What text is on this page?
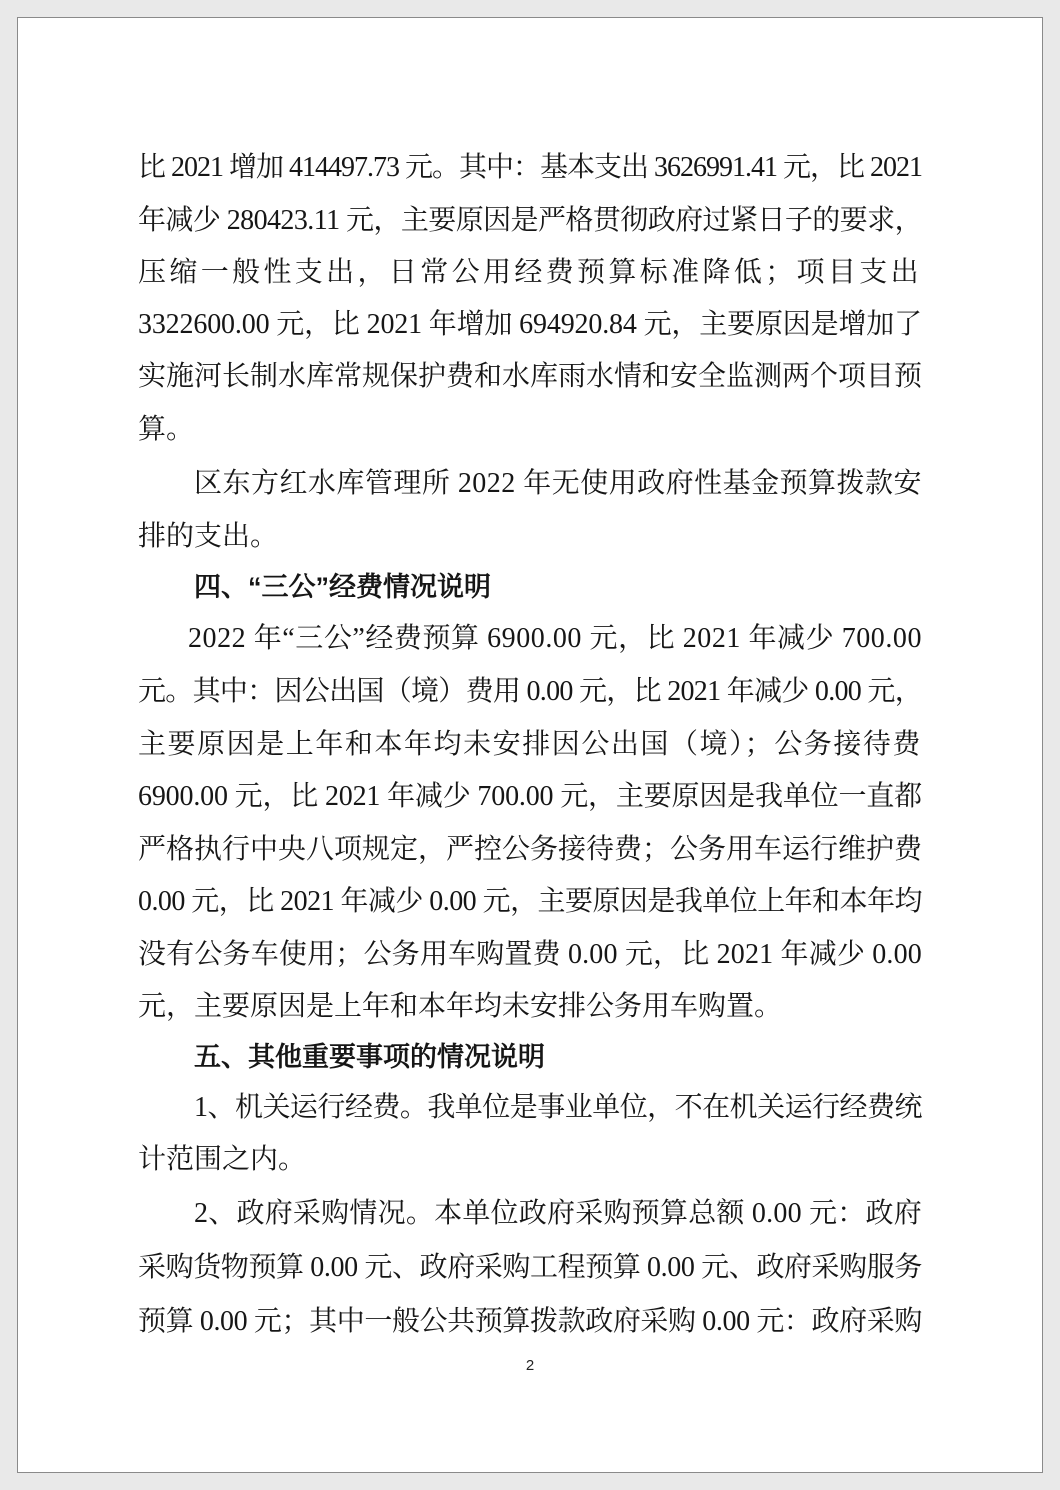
比 2021 增加 414497.73 元。其中：基本支出 3626991.41 元，比 2021
年减少 280423.11 元，主要原因是严格贯彻政府过紧日子的要求，
压缩一般性支出，日常公用经费预算标准降低；项目支出
3322600.00 元，比 2021 年增加 694920.84 元，主要原因是增加了
实施河长制水库常规保护费和水库雨水情和安全监测两个项目预
算。
区东方红水库管理所 2022 年无使用政府性基金预算拨款安
排的支出。
四、“三公”经费情况说明
2022 年“三公”经费预算 6900.00 元，比 2021 年减少 700.00
元。其中：因公出国（境）费用 0.00 元，比 2021 年减少 0.00 元，
主要原因是上年和本年均未安排因公出国（境）；公务接待费
6900.00 元，比 2021 年减少 700.00 元，主要原因是我单位一直都
严格执行中央八项规定，严控公务接待费；公务用车运行维护费
0.00 元，比 2021 年减少 0.00 元，主要原因是我单位上年和本年均
没有公务车使用；公务用车购置费 0.00 元，比 2021 年减少 0.00
元，主要原因是上年和本年均未安排公务用车购置。
五、其他重要事项的情况说明
1、机关运行经费。我单位是事业单位，不在机关运行经费统
计范围之内。
2、政府采购情况。本单位政府采购预算总额 0.00 元：政府
采购货物预算 0.00 元、政府采购工程预算 0.00 元、政府采购服务
预算 0.00 元；其中一般公共预算拨款政府采购 0.00 元：政府采购
2
